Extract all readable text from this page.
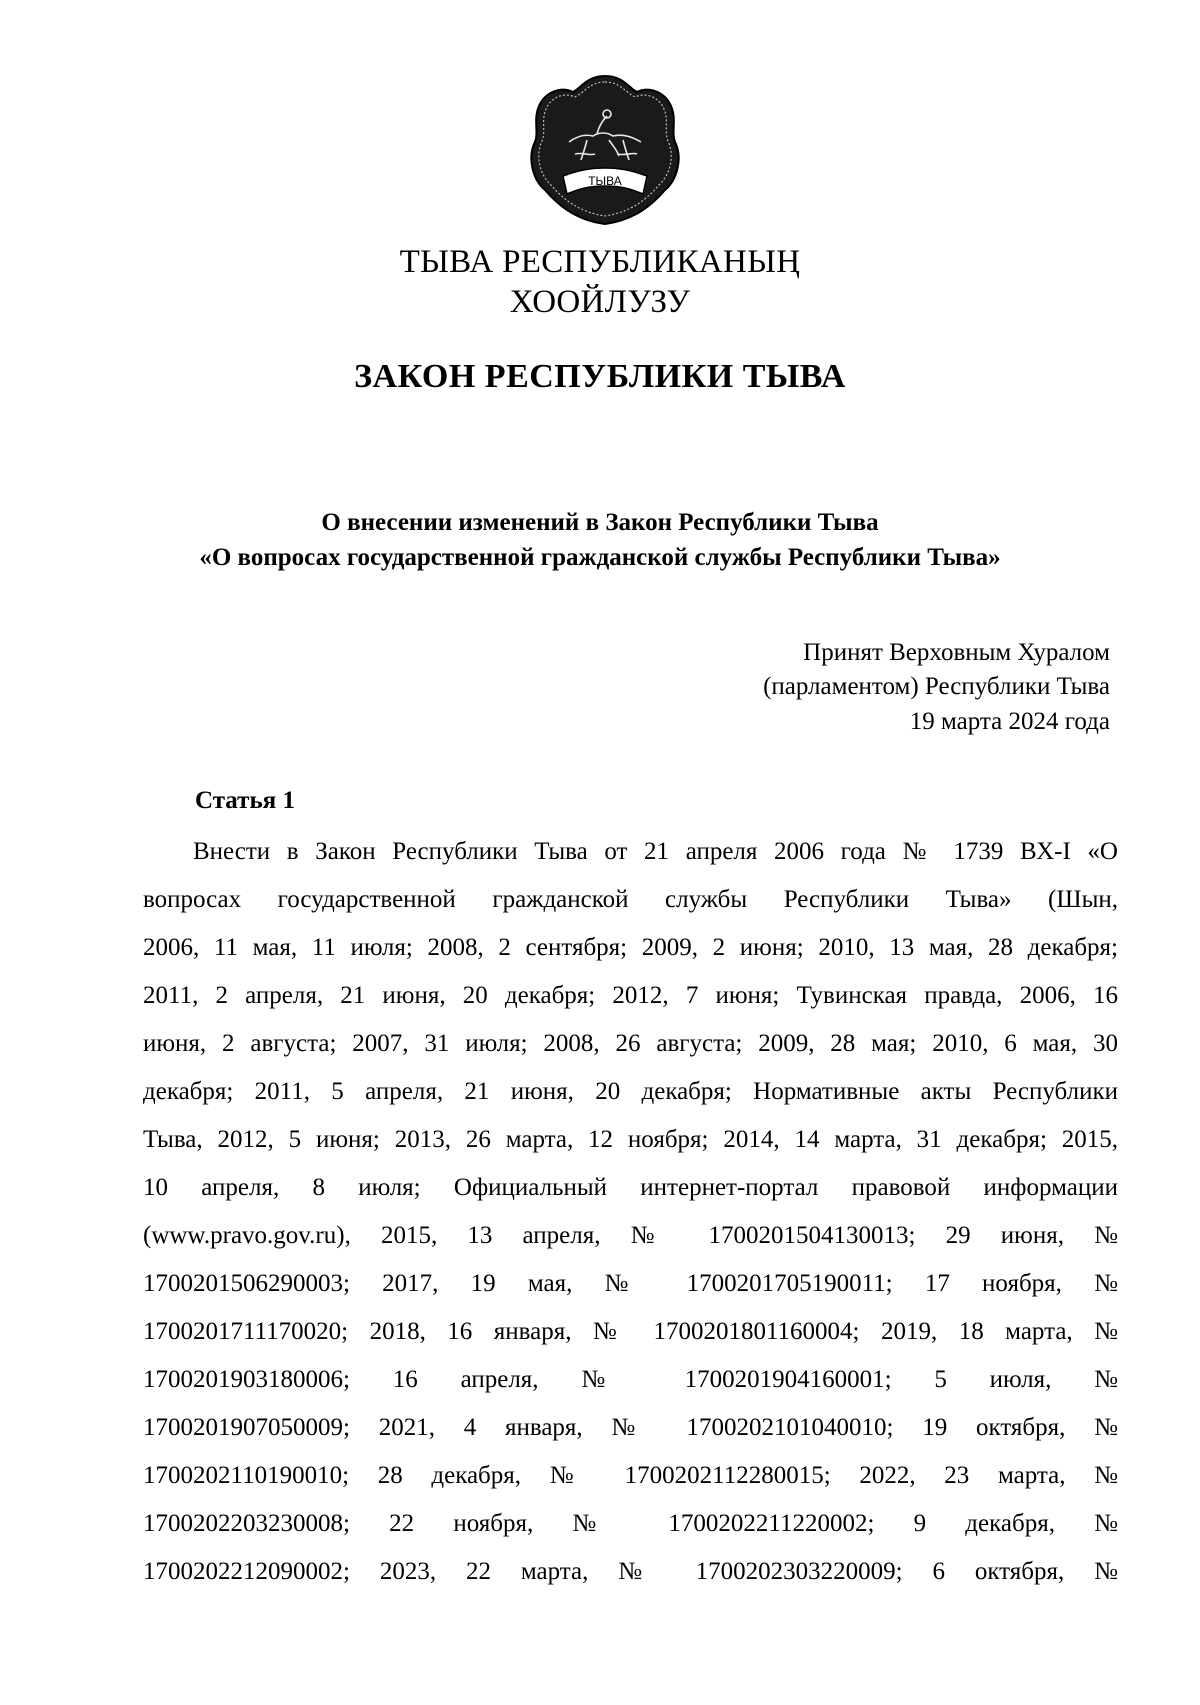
ТЫВА
ТЫВА РЕСПУБЛИКАНЫҢ
ХООЙЛУЗУ
ЗАКОН РЕСПУБЛИКИ ТЫВА
О внесении изменений в Закон Республики Тыва
«О вопросах государственной гражданской службы Республики Тыва»
Принят Верховным Хуралом
(парламентом) Республики Тыва
19 марта 2024 года
Статья 1
Внести в Закон Республики Тыва от 21 апреля 2006 года № 1739 ВХ-I «О
вопросах государственной гражданской службы Республики Тыва» (Шын,
2006, 11 мая, 11 июля; 2008, 2 сентября; 2009, 2 июня; 2010, 13 мая, 28 декабря;
2011, 2 апреля, 21 июня, 20 декабря; 2012, 7 июня; Тувинская правда, 2006, 16
июня, 2 августа; 2007, 31 июля; 2008, 26 августа; 2009, 28 мая; 2010, 6 мая, 30
декабря; 2011, 5 апреля, 21 июня, 20 декабря; Нормативные акты Республики
Тыва, 2012, 5 июня; 2013, 26 марта, 12 ноября; 2014, 14 марта, 31 декабря; 2015,
10 апреля, 8 июля; Официальный интернет-портал правовой информации
(www.pravo.gov.ru), 2015, 13 апреля, № 1700201504130013; 29 июня, №
1700201506290003; 2017, 19 мая, № 1700201705190011; 17 ноября, №
1700201711170020; 2018, 16 января, № 1700201801160004; 2019, 18 марта, №
1700201903180006; 16 апреля, № 1700201904160001; 5 июля, №
1700201907050009; 2021, 4 января, № 1700202101040010; 19 октября, №
1700202110190010; 28 декабря, № 1700202112280015; 2022, 23 марта, №
1700202203230008; 22 ноября, № 1700202211220002; 9 декабря, №
1700202212090002; 2023, 22 марта, № 1700202303220009; 6 октября, №
